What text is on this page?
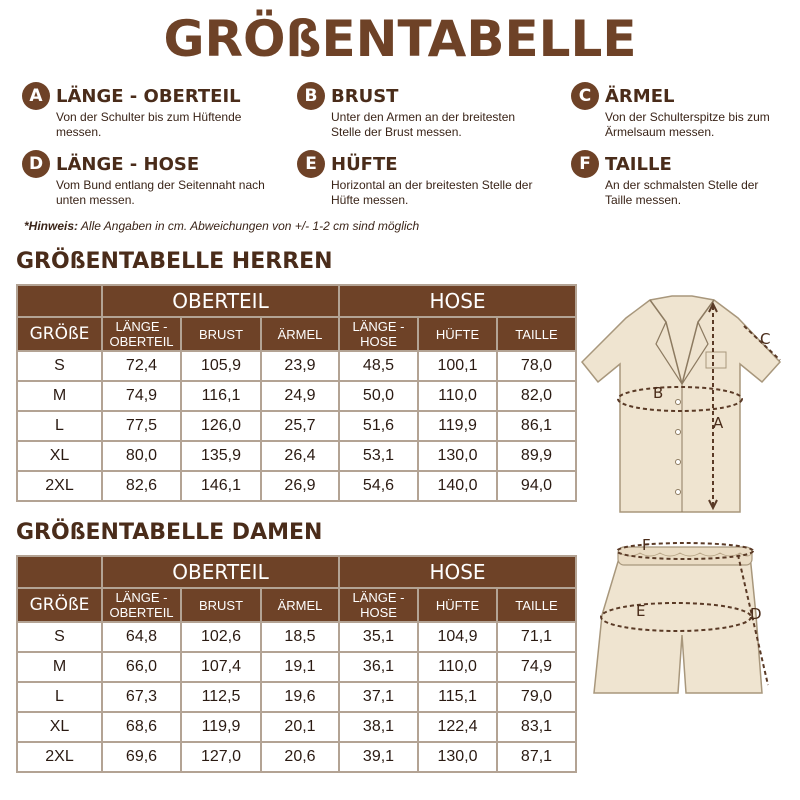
GRÖßENTABELLE
A LÄNGE - OBERTEIL
Von der Schulter bis zum Hüftende messen.
B BRUST
Unter den Armen an der breitesten Stelle der Brust messen.
C ÄRMEL
Von der Schulterspitze bis zum Ärmelsaum messen.
D LÄNGE - HOSE
Vom Bund entlang der Seitennaht nach unten messen.
E HÜFTE
Horizontal an der breitesten Stelle der Hüfte messen.
F TAILLE
An der schmalsten Stelle der Taille messen.
*Hinweis: Alle Angaben in cm. Abweichungen von +/- 1-2 cm sind möglich
GRÖßENTABELLE HERREN
	OBERTEIL			HOSE		
GRÖßE	LÄNGE - OBERTEIL	BRUST	ÄRMEL	LÄNGE - HOSE	HÜFTE	TAILLE
S	72,4	105,9	23,9	48,5	100,1	78,0
M	74,9	116,1	24,9	50,0	110,0	82,0
L	77,5	126,0	25,7	51,6	119,9	86,1
XL	80,0	135,9	26,4	53,1	130,0	89,9
2XL	82,6	146,1	26,9	54,6	140,0	94,0
GRÖßENTABELLE DAMEN
	OBERTEIL			HOSE		
GRÖßE	LÄNGE - OBERTEIL	BRUST	ÄRMEL	LÄNGE - HOSE	HÜFTE	TAILLE
S	64,8	102,6	18,5	35,1	104,9	71,1
M	66,0	107,4	19,1	36,1	110,0	74,9
L	67,3	112,5	19,6	37,1	115,1	79,0
XL	68,6	119,9	20,1	38,1	122,4	83,1
2XL	69,6	127,0	20,6	39,1	130,0	87,1
B
A
C
F
E	D
